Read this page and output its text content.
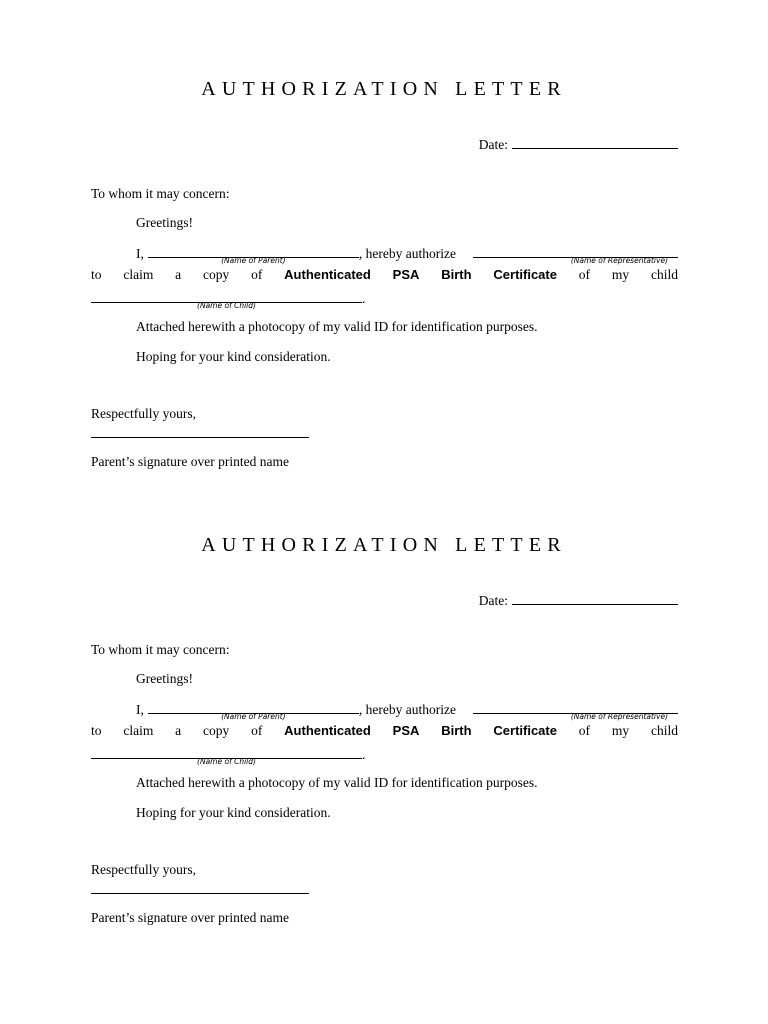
AUTHORIZATION LETTER
Date:
To whom it may concern:
Greetings!
I,	(Name of Parent)	, hereby authorize	(Name of Representative)
to claim a copy of Authenticated PSA Birth Certificate of my child
(Name of Child)	.
Attached herewith a photocopy of my valid ID for identification purposes.
Hoping for your kind consideration.
Respectfully yours,
Parent’s signature over printed name
AUTHORIZATION LETTER
Date:
To whom it may concern:
Greetings!
I,	(Name of Parent)	, hereby authorize	(Name of Representative)
to claim a copy of Authenticated PSA Birth Certificate of my child
(Name of Child)	.
Attached herewith a photocopy of my valid ID for identification purposes.
Hoping for your kind consideration.
Respectfully yours,
Parent’s signature over printed name
